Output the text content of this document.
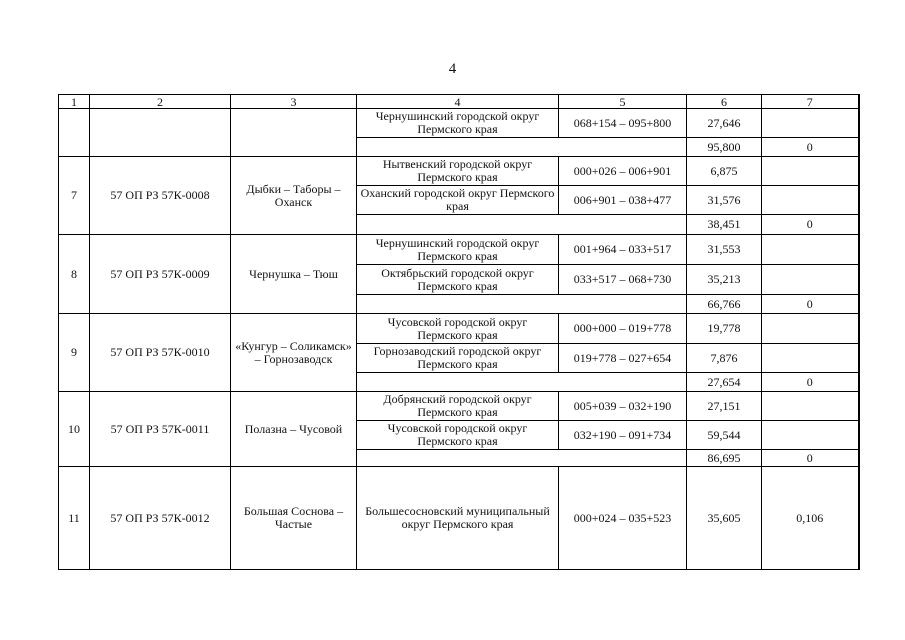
4
1	2	3	4	5	6	7
			Чернушинский городской округ Пермского края	068+154 – 095+800	27,646	
					95,800	0
7	57 ОП РЗ 57К-0008	Дыбки – Таборы – Оханск	Нытвенский городской округ Пермского края	000+026 – 006+901	6,875	
			Оханский городской округ Пермского края	006+901 – 038+477	31,576	
					38,451	0
8	57 ОП РЗ 57К-0009	Чернушка – Тюш	Чернушинский городской округ Пермского края	001+964 – 033+517	31,553	
			Октябрьский городской округ Пермского края	033+517 – 068+730	35,213	
					66,766	0
9	57 ОП РЗ 57К-0010	«Кунгур – Соликамск» – Горнозаводск	Чусовской городской округ Пермского края	000+000 – 019+778	19,778	
			Горнозаводский городской округ Пермского края	019+778 – 027+654	7,876	
					27,654	0
10	57 ОП РЗ 57К-0011	Полазна – Чусовой	Добрянский городской округ Пермского края	005+039 – 032+190	27,151	
			Чусовской городской округ Пермского края	032+190 – 091+734	59,544	
					86,695	0
11	57 ОП РЗ 57К-0012	Большая Соснова – Частые	Большесосновский муниципальный округ Пермского края	000+024 – 035+523	35,605	0,106
